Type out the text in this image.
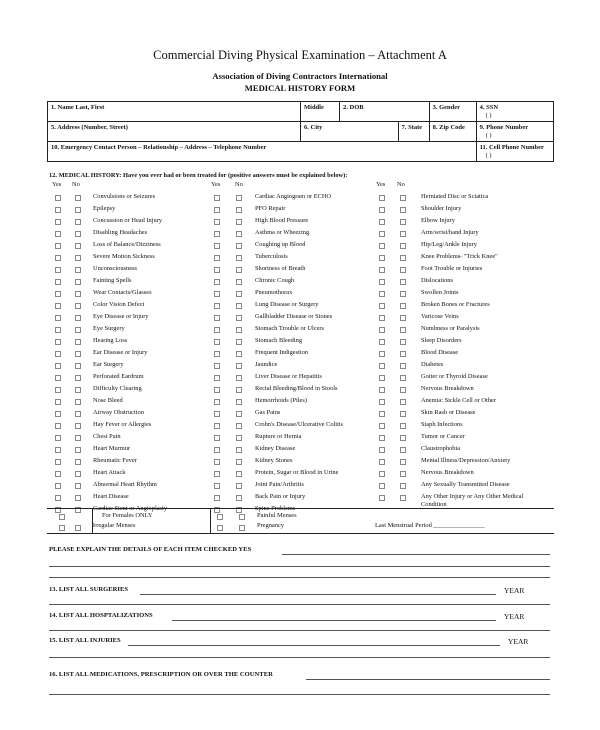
Commercial Diving Physical Examination – Attachment A
Association of Diving Contractors International
MEDICAL HISTORY FORM
1. Name Last, First	Middle	2. DOB		3. Gender	4. SSN
( )

5. Address (Number, Street)	6. City		7. State	8. Zip Code	9. Phone Number
( )

10. Emergency Contact Person – Relationship – Address – Telephone Number					11. Cell Phone Number
( )
12. MEDICAL HISTORY: Have you ever had or been treated for (positive answers must be explained below):
Yes No	Yes No	Yes No
Convulsions or Seizures
Epilepsy
Concussion or Head Injury
Disabling Headaches
Loss of Balance/Dizziness
Severe Motion Sickness
Unconsciousness
Fainting Spells
Wear Contacts/Glasses
Color Vision Defect
Eye Disease or Injury
Eye Surgery
Hearing Loss
Ear Disease or Injury
Ear Surgery
Perforated Eardrum
Difficulty Clearing
Nose Bleed
Airway Obstruction
Hay Fever or Allergies
Chest Pain
Heart Murmur
Rheumatic Fever
Heart Attack
Abnormal Heart Rhythm
Heart Disease
Cardiac Stent or Angioplasty
Cardiac Angiogram or ECHO
PFO Repair
High Blood Pressure
Asthma or Wheezing
Coughing up Blood
Tuberculosis
Shortness of Breath
Chronic Cough
Pneumothorax
Lung Disease or Surgery
Gallbladder Disease or Stones
Stomach Trouble or Ulcers
Stomach Bleeding
Frequent Indigestion
Jaundice
Liver Disease or Hepatitis
Rectal Bleeding/Blood in Stools
Hemorrhoids (Piles)
Gas Pains
Crohn's Disease/Ulcerative Colitis
Rupture or Hernia
Kidney Disease
Kidney Stones
Protein, Sugar or Blood in Urine
Joint Pain/Arthritis
Back Pain or Injury
Spine Problems
Herniated Disc or Sciatica
Shoulder Injury
Elbow Injury
Arm/wrist/hand Injury
Hip/Leg/Ankle Injury
Knee Problems
– "Trick Knee"
Foot Trouble or Injuries
Dislocations
Swollen Joints
Broken Bones or Fractures
Varicose Veins
Numbness or Paralysis
Sleep Disorders
Blood Disease
Diabetes
Goiter or Thyroid Disease
Nervous Breakdown
Anemia: Sickle Cell or Other
Skin Rash or Disease
Staph Infections
Tumor or Cancer
Claustrophobia
Mental Illness/Depression/Anxiety
Nervous Breakdown
Any Sexually Transmitted Disease
Any Other Injury or Any Other Medical Condition
For Females ONLY
Irregular Menses
Painful Menses
Pregnancy	Last Menstrual Period ________________
PLEASE EXPLAIN THE DETAILS OF EACH ITEM CHECKED YES
13. LIST ALL SURGERIES	YEAR
14. LIST ALL HOSPTALIZATIONS	YEAR
15. LIST ALL INJURIES	YEAR
16. LIST ALL MEDICATIONS, PRESCRIPTION OR OVER THE COUNTER
